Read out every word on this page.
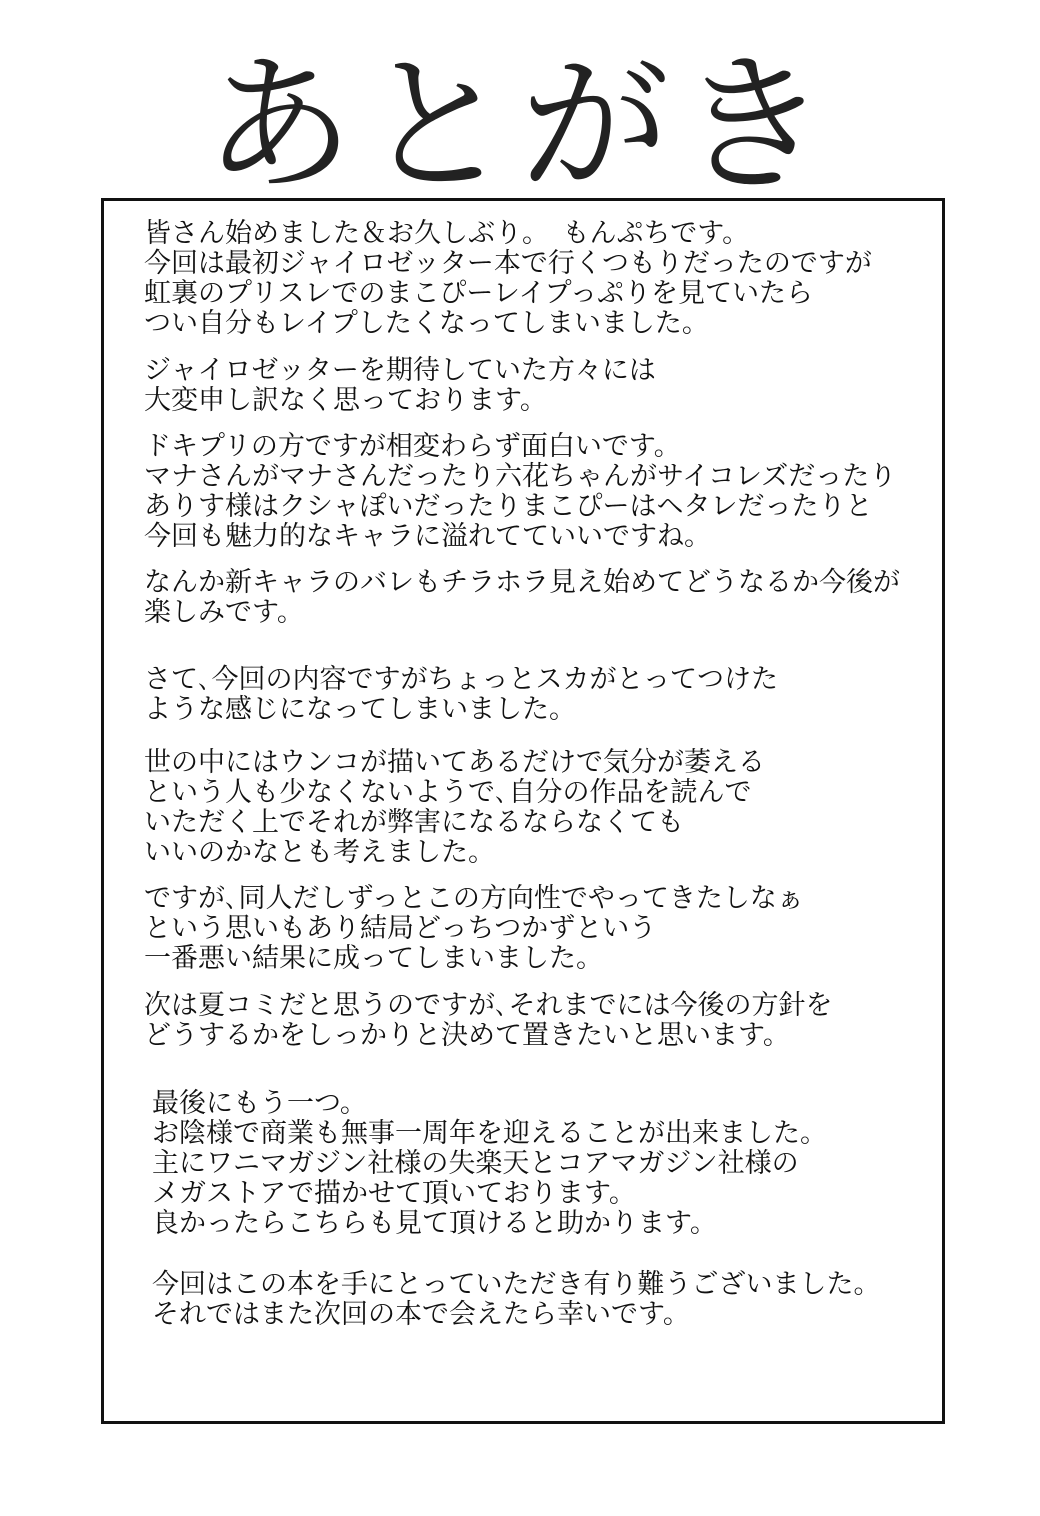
あとがき

皆さん始めました＆お久しぶり。　もんぷちです。
今回は最初ジャイロゼッター本で行くつもりだったのですが
虹裏のプリスレでのまこぴーレイプっぷりを見ていたら
つい自分もレイプしたくなってしまいました。

ジャイロゼッターを期待していた方々には
大変申し訳なく思っております。

ドキプリの方ですが相変わらず面白いです。
マナさんがマナさんだったり六花ちゃんがサイコレズだったり
ありす様はクシャぽいだったりまこぴーはヘタレだったりと
今回も魅力的なキャラに溢れてていいですね。

なんか新キャラのバレもチラホラ見え始めてどうなるか今後が
楽しみです。

さて､今回の内容ですがちょっとスカがとってつけた
ような感じになってしまいました。

世の中にはウンコが描いてあるだけで気分が萎える
という人も少なくないようで､自分の作品を読んで
いただく上でそれが弊害になるならなくても
いいのかなとも考えました。

ですが､同人だしずっとこの方向性でやってきたしなぁ
という思いもあり結局どっちつかずという
一番悪い結果に成ってしまいました。

次は夏コミだと思うのですが､それまでには今後の方針を
どうするかをしっかりと決めて置きたいと思います。

最後にもう一つ。
お陰様で商業も無事一周年を迎えることが出来ました。
主にワニマガジン社様の失楽天とコアマガジン社様の
メガストアで描かせて頂いております。
良かったらこちらも見て頂けると助かります。

今回はこの本を手にとっていただき有り難うございました。
それではまた次回の本で会えたら幸いです。
